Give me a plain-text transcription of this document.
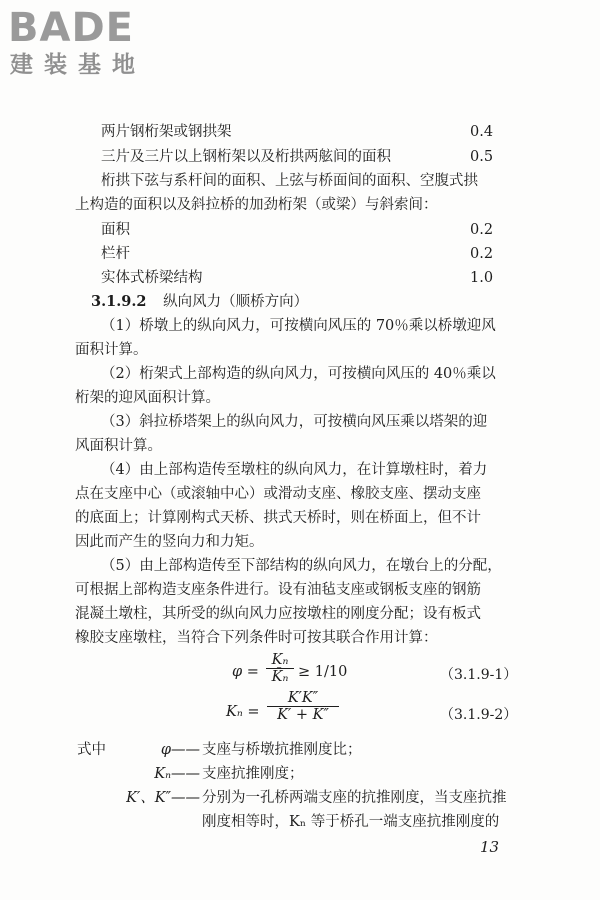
BADE
建装基地
两片钢桁架或钢拱架	0.4
三片及三片以上钢桁架以及桁拱两舷间的面积	0.5
桁拱下弦与系杆间的面积、上弦与桥面间的面积、空腹式拱
上构造的面积以及斜拉桥的加劲桁架（或梁）与斜索间：
面积	0.2
栏杆	0.2
实体式桥梁结构	1.0
3.1.9.2 纵向风力（顺桥方向）
（1）桥墩上的纵向风力，可按横向风压的 70％乘以桥墩迎风
面积计算。
（2）桁架式上部构造的纵向风力，可按横向风压的 40％乘以
桁架的迎风面积计算。
（3）斜拉桥塔架上的纵向风力，可按横向风压乘以塔架的迎
风面积计算。
（4）由上部构造传至墩柱的纵向风力，在计算墩柱时，着力
点在支座中心（或滚轴中心）或滑动支座、橡胶支座、摆动支座
的底面上；计算刚构式天桥、拱式天桥时，则在桥面上，但不计
因此而产生的竖向力和力矩。
（5）由上部构造传至下部结构的纵向风力，在墩台上的分配，
可根据上部构造支座条件进行。设有油毡支座或钢板支座的钢筋
混凝土墩柱，其所受的纵向风力应按墩柱的刚度分配；设有板式
橡胶支座墩柱，当符合下列条件时可按其联合作用计算：
φ =
Kₙ
K̄ₙ ≥ 1/10	（3.1.9-1）
Kₙ =
K′K″
K′ + K″	（3.1.9-2）
式中	φ—— 支座与桥墩抗推刚度比；
Kₙ—— 支座抗推刚度；
K′、K″—— 分别为一孔桥两端支座的抗推刚度，当支座抗推
刚度相等时，Kₙ 等于桥孔一端支座抗推刚度的
13
